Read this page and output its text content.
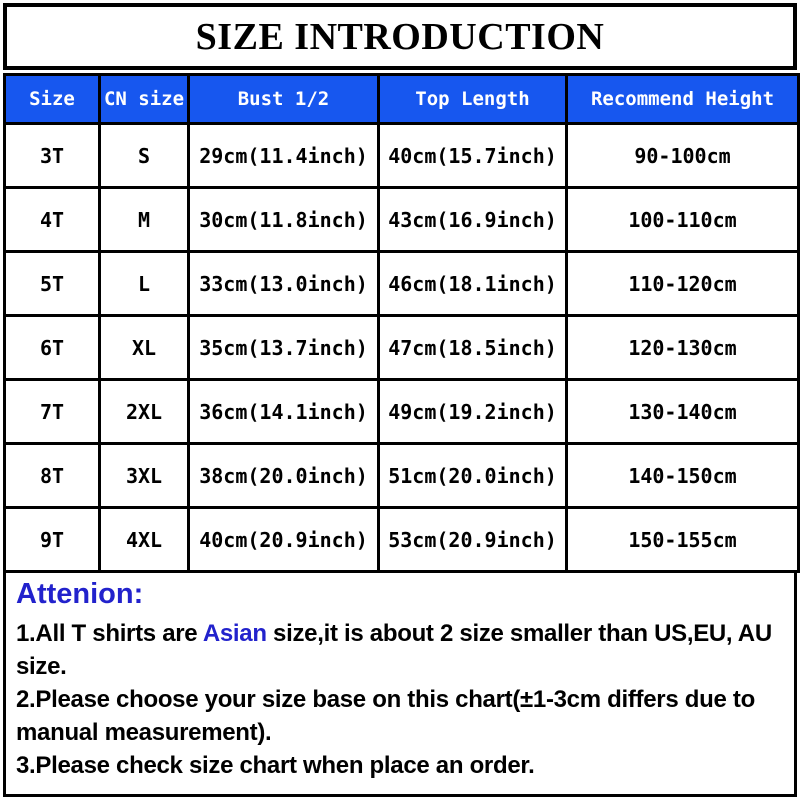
SIZE INTRODUCTION
Size	CN size	Bust 1/2	Top Length	Recommend Height
3T	S	29cm(11.4inch)	40cm(15.7inch)	90-100cm
4T	M	30cm(11.8inch)	43cm(16.9inch)	100-110cm
5T	L	33cm(13.0inch)	46cm(18.1inch)	110-120cm
6T	XL	35cm(13.7inch)	47cm(18.5inch)	120-130cm
7T	2XL	36cm(14.1inch)	49cm(19.2inch)	130-140cm
8T	3XL	38cm(20.0inch)	51cm(20.0inch)	140-150cm
9T	4XL	40cm(20.9inch)	53cm(20.9inch)	150-155cm
Attenion:

1.All T shirts are Asian size,it is about 2 size smaller than US,EU, AU size.

2.Please choose your size base on this chart(±1-3cm differs due to manual measurement).

3.Please check size chart when place an order.
